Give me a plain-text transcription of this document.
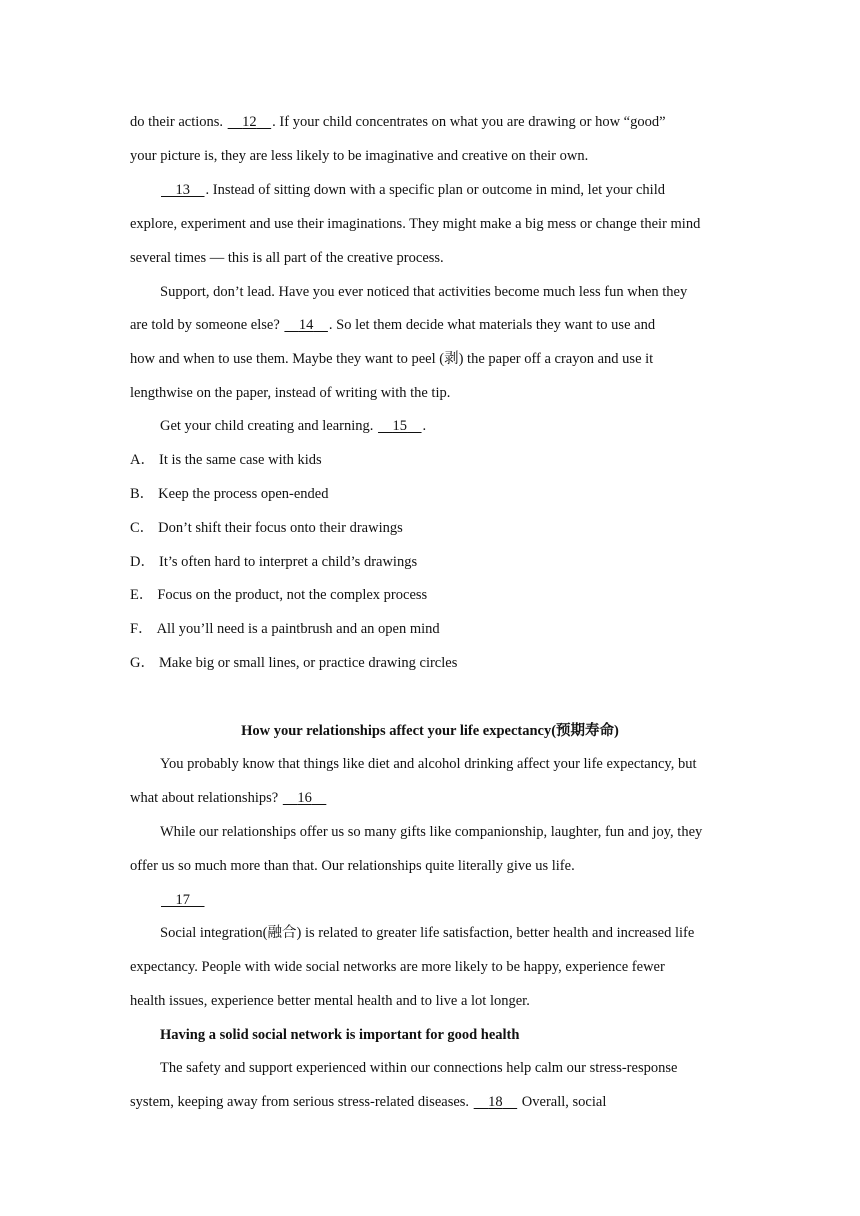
do their actions. 12 . If your child concentrates on what you are drawing or how “good”
your picture is, they are less likely to be imaginative and creative on their own.
13 . Instead of sitting down with a specific plan or outcome in mind, let your child
explore, experiment and use their imaginations. They might make a big mess or change their mind
several times — this is all part of the creative process.
Support, don’t lead. Have you ever noticed that activities become much less fun when they
are told by someone else? 14 . So let them decide what materials they want to use and
how and when to use them. Maybe they want to peel (剥) the paper off a crayon and use it
lengthwise on the paper, instead of writing with the tip.
Get your child creating and learning. 15 .
A． It is the same case with kids
B． Keep the process open-ended
C． Don’t shift their focus onto their drawings
D． It’s often hard to interpret a child’s drawings
E． Focus on the product, not the complex process
F． All you’ll need is a paintbrush and an open mind
G． Make big or small lines, or practice drawing circles
How your relationships affect your life expectancy(预期寿命)
You probably know that things like diet and alcohol drinking affect your life expectancy, but
what about relationships? 16
While our relationships offer us so many gifts like companionship, laughter, fun and joy, they
offer us so much more than that. Our relationships quite literally give us life.
17
Social integration(融合) is related to greater life satisfaction, better health and increased life
expectancy. People with wide social networks are more likely to be happy, experience fewer
health issues, experience better mental health and to live a lot longer.
Having a solid social network is important for good health
The safety and support experienced within our connections help calm our stress-response
system, keeping away from serious stress-related diseases. 18 Overall, social
